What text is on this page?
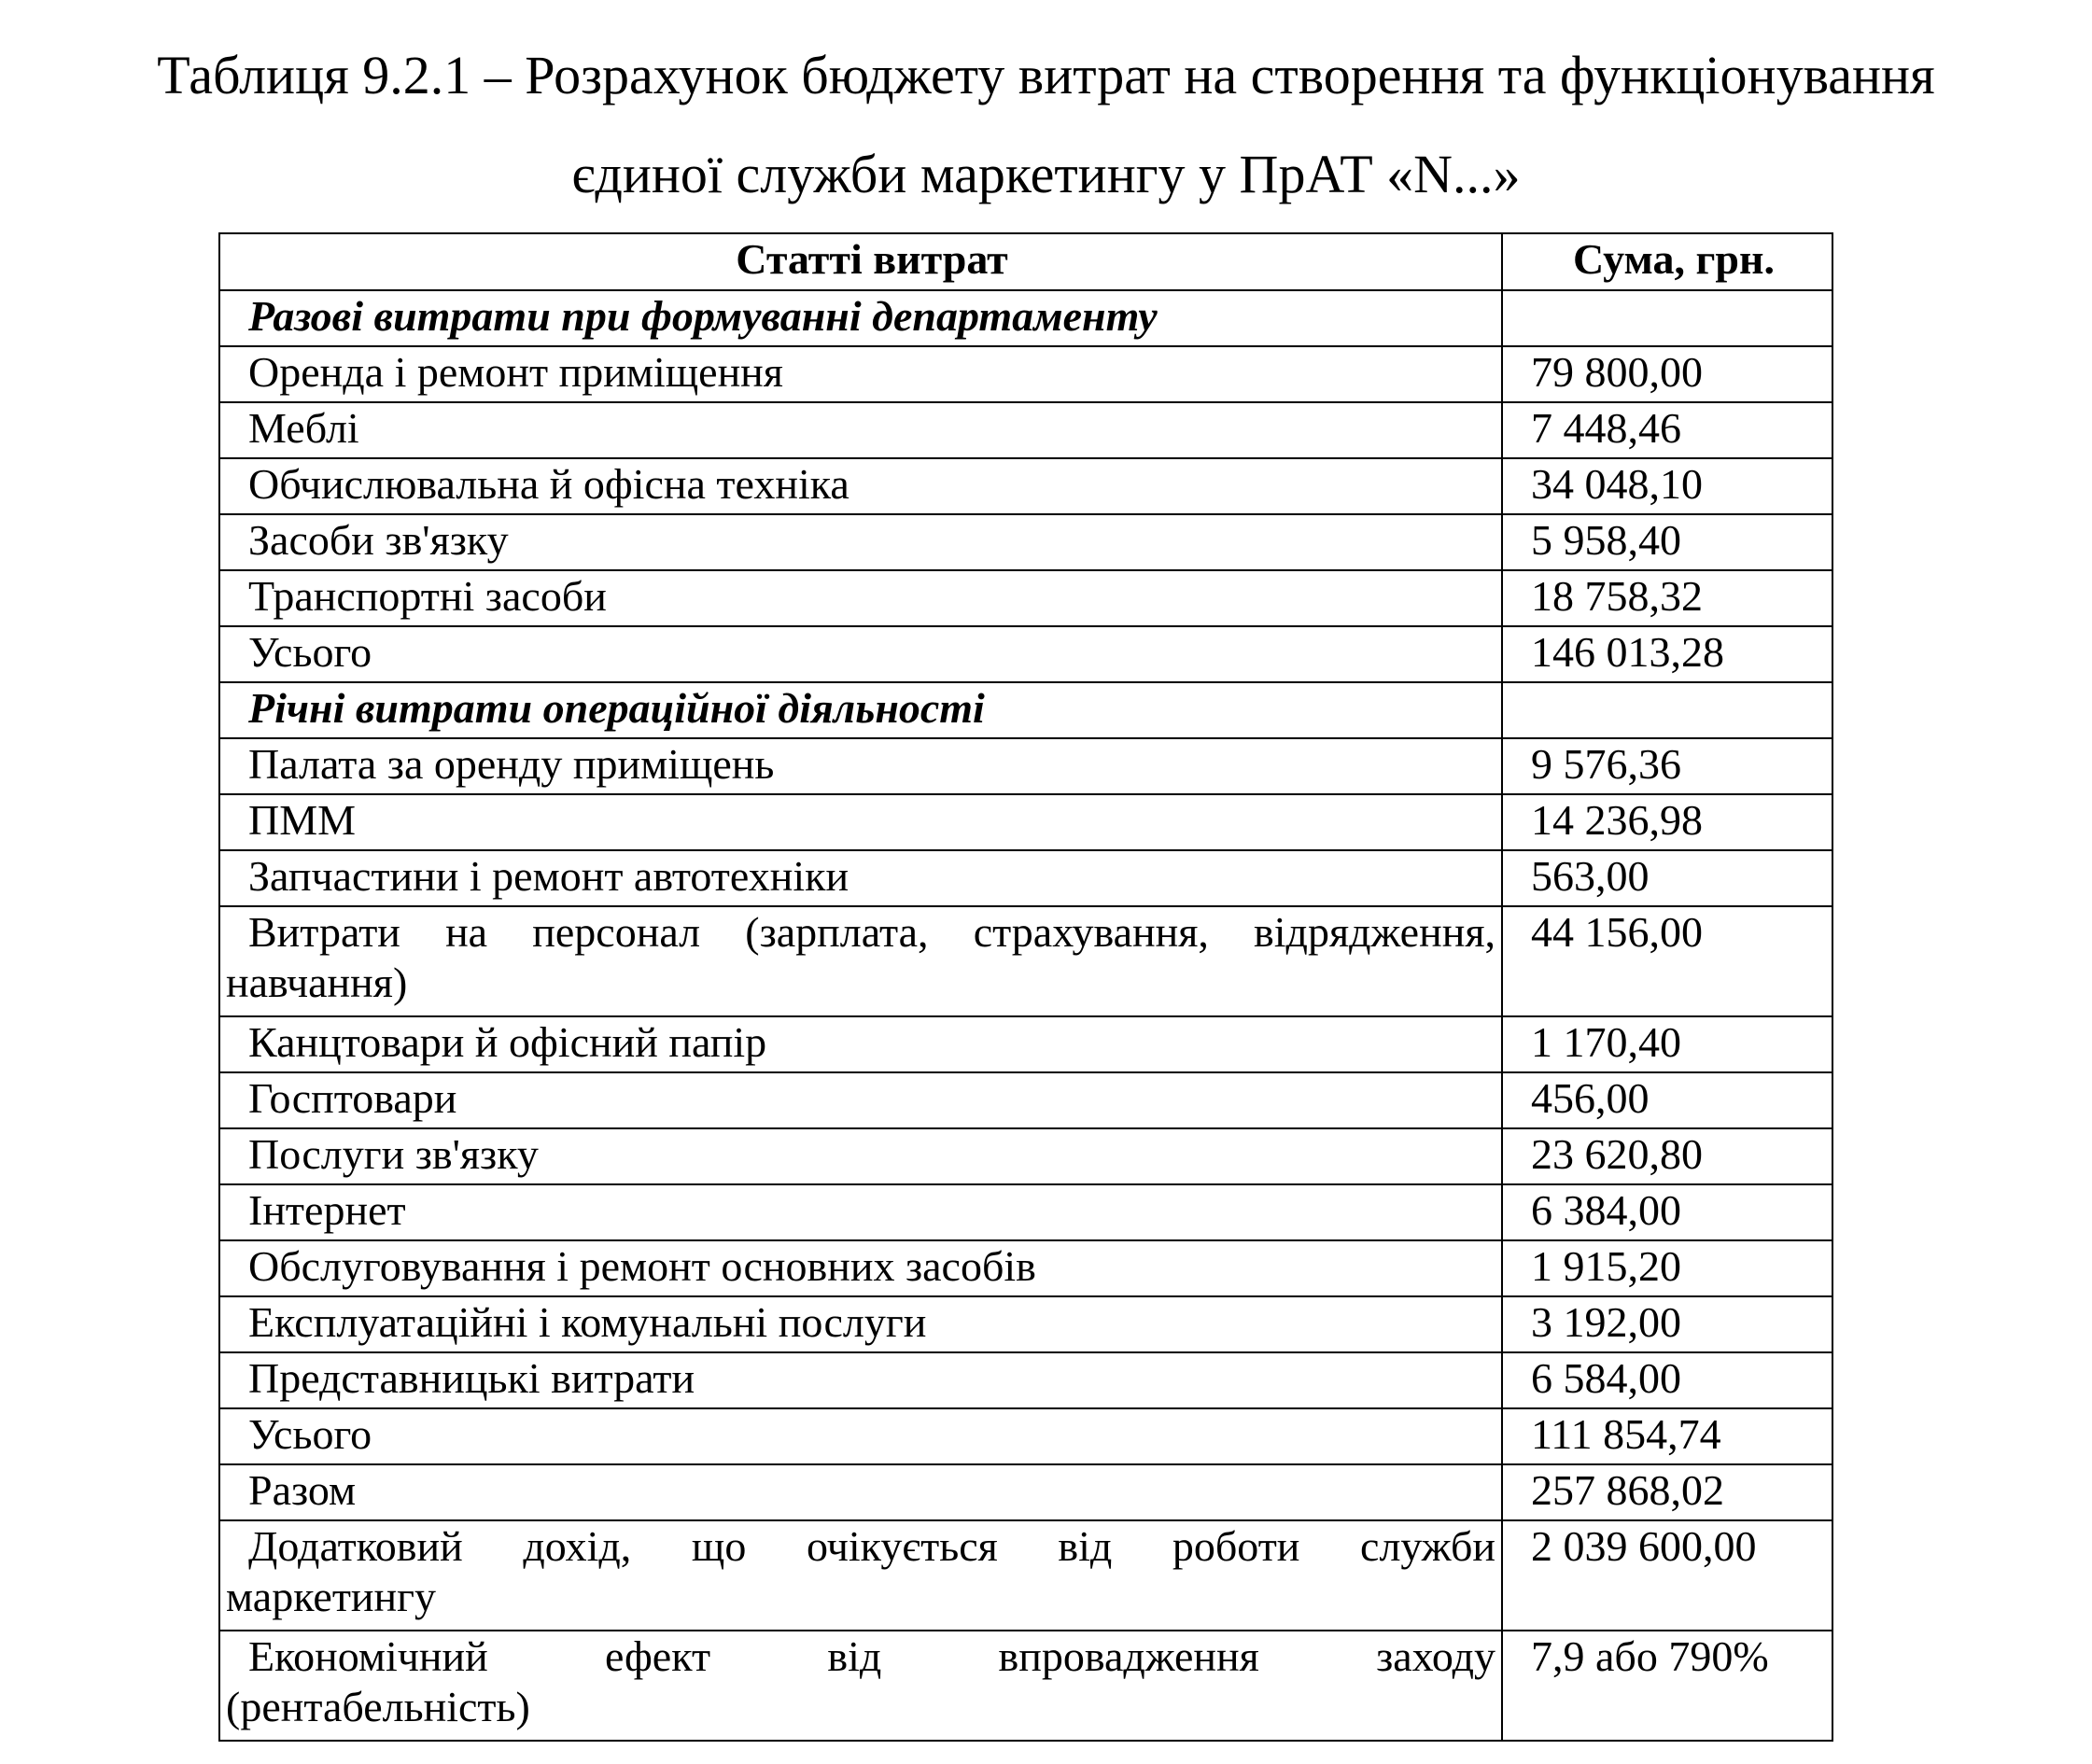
Таблиця 9.2.1 – Розрахунок бюджету витрат на створення та функціонування
єдиної служби маркетингу у ПрАТ «N...»
Статті витрат	Сума, грн.
Разові витрати при формуванні департаменту	
Оренда і ремонт приміщення	79 800,00
Меблі	7 448,46
Обчислювальна й офісна техніка	34 048,10
Засоби зв'язку	5 958,40
Транспортні засоби	18 758,32
Усього	146 013,28
Річні витрати операційної діяльності	
Палата за оренду приміщень	9 576,36
ПММ	14 236,98
Запчастини і ремонт автотехніки	563,00

Витрати на персонал (зарплата, страхування, відрядження,
навчання)	44 156,00
Канцтовари й офісний папір	1 170,40
Госптовари	456,00
Послуги зв'язку	23 620,80
Інтернет	6 384,00
Обслуговування і ремонт основних засобів	1 915,20
Експлуатаційні і комунальні послуги	3 192,00
Представницькі витрати	6 584,00
Усього	111 854,74
Разом	257 868,02

Додатковий дохід, що очікується від роботи служби
маркетингу	2 039 600,00

Економічний ефект від впровадження заходу
(рентабельність)	7,9 або 790%
